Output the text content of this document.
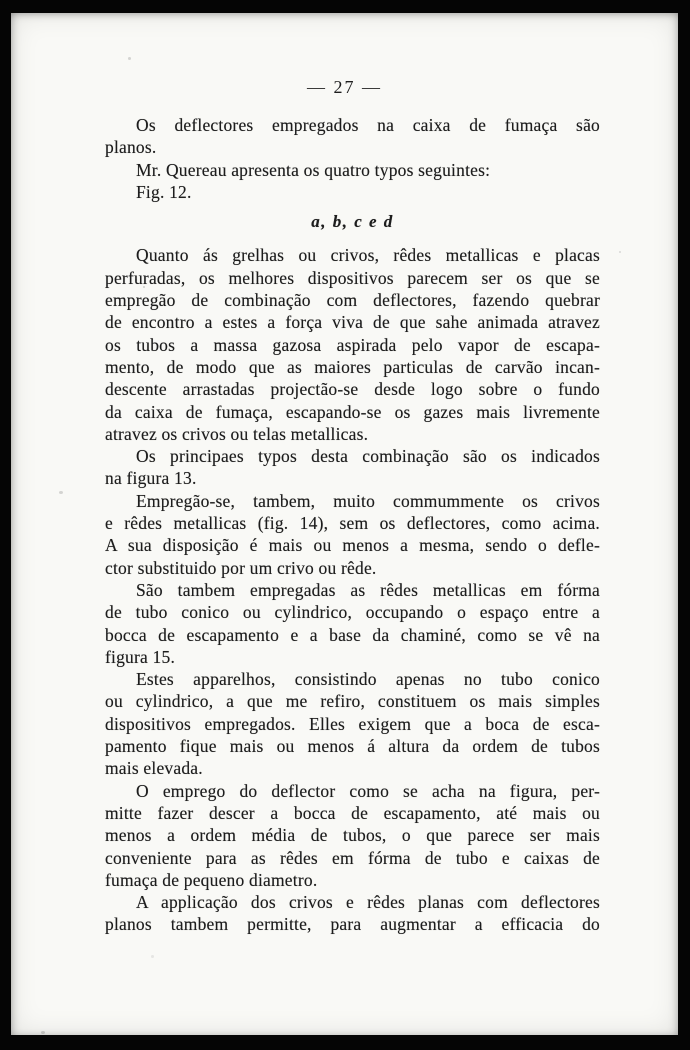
— 27 —
Os deflectores empregados na caixa de fumaça são
planos.
Mr. Quereau apresenta os quatro typos seguintes:
Fig. 12.
a, b, c e d
Quanto ás grelhas ou crivos, rêdes metallicas e placas
perfuradas, os melhores dispositivos parecem ser os que se
empregão de combinação com deflectores, fazendo quebrar
de encontro a estes a força viva de que sahe animada atravez
os tubos a massa gazosa aspirada pelo vapor de escapa-
mento, de modo que as maiores particulas de carvão incan-
descente arrastadas projectão-se desde logo sobre o fundo
da caixa de fumaça, escapando-se os gazes mais livremente
atravez os crivos ou telas metallicas.
Os principaes typos desta combinação são os indicados
na figura 13.
Empregão-se, tambem, muito commummente os crivos
e rêdes metallicas (fig. 14), sem os deflectores, como acima.
A sua disposição é mais ou menos a mesma, sendo o defle-
ctor substituido por um crivo ou rêde.
São tambem empregadas as rêdes metallicas em fórma
de tubo conico ou cylindrico, occupando o espaço entre a
bocca de escapamento e a base da chaminé, como se vê na
figura 15.
Estes apparelhos, consistindo apenas no tubo conico
ou cylindrico, a que me refiro, constituem os mais simples
dispositivos empregados. Elles exigem que a boca de esca-
pamento fique mais ou menos á altura da ordem de tubos
mais elevada.
O emprego do deflector como se acha na figura, per-
mitte fazer descer a bocca de escapamento, até mais ou
menos a ordem média de tubos, o que parece ser mais
conveniente para as rêdes em fórma de tubo e caixas de
fumaça de pequeno diametro.
A applicação dos crivos e rêdes planas com deflectores
planos tambem permitte, para augmentar a efficacia do
